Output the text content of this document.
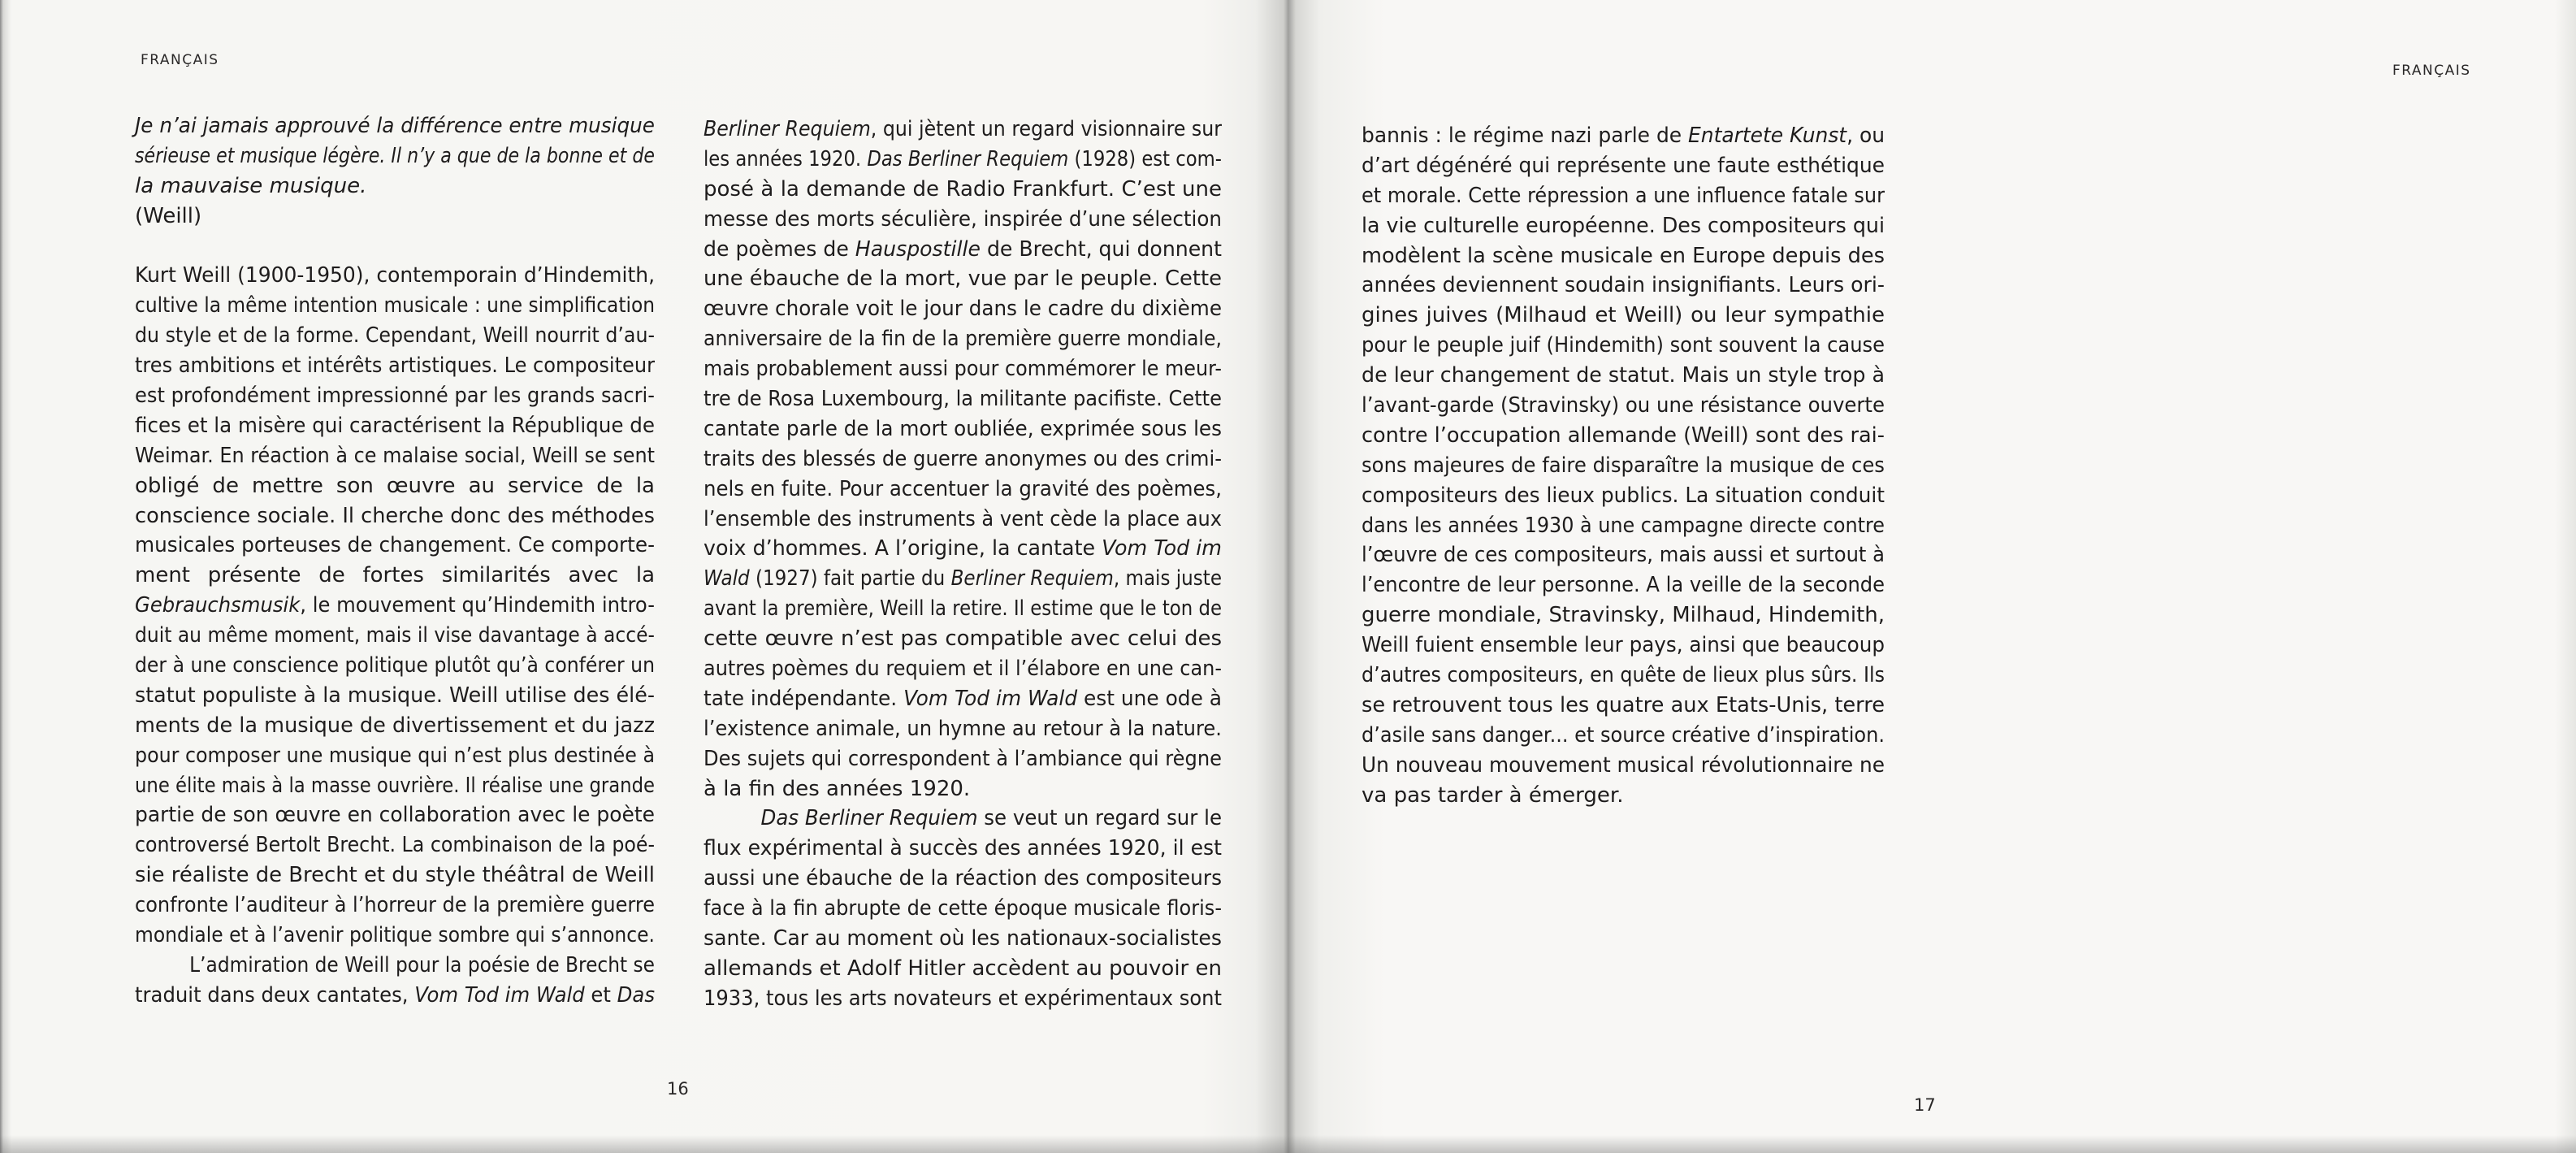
FRANÇAIS
Je n’ai jamais approuvé la différence entre musique
sérieuse et musique légère. Il n’y a que de la bonne et de
la mauvaise musique.
(Weill)
Kurt Weill (1900-1950), contemporain d’Hindemith,
cultive la même intention musicale : une simplification
du style et de la forme. Cependant, Weill nourrit d’au-
tres ambitions et intérêts artistiques. Le compositeur
est profondément impressionné par les grands sacri-
fices et la misère qui caractérisent la République de
Weimar. En réaction à ce malaise social, Weill se sent
obligé de mettre son œuvre au service de la
conscience sociale. Il cherche donc des méthodes
musicales porteuses de changement. Ce comporte-
ment présente de fortes similarités avec la
Gebrauchsmusik, le mouvement qu’Hindemith intro-
duit au même moment, mais il vise davantage à accé-
der à une conscience politique plutôt qu’à conférer un
statut populiste à la musique. Weill utilise des élé-
ments de la musique de divertissement et du jazz
pour composer une musique qui n’est plus destinée à
une élite mais à la masse ouvrière. Il réalise une grande
partie de son œuvre en collaboration avec le poète
controversé Bertolt Brecht. La combinaison de la poé-
sie réaliste de Brecht et du style théâtral de Weill
confronte l’auditeur à l’horreur de la première guerre
mondiale et à l’avenir politique sombre qui s’annonce.
L’admiration de Weill pour la poésie de Brecht se
traduit dans deux cantates, Vom Tod im Wald et Das
Berliner Requiem, qui jètent un regard visionnaire sur
les années 1920. Das Berliner Requiem (1928) est com-
posé à la demande de Radio Frankfurt. C’est une
messe des morts séculière, inspirée d’une sélection
de poèmes de Hauspostille de Brecht, qui donnent
une ébauche de la mort, vue par le peuple. Cette
œuvre chorale voit le jour dans le cadre du dixième
anniversaire de la fin de la première guerre mondiale,
mais probablement aussi pour commémorer le meur-
tre de Rosa Luxembourg, la militante pacifiste. Cette
cantate parle de la mort oubliée, exprimée sous les
traits des blessés de guerre anonymes ou des crimi-
nels en fuite. Pour accentuer la gravité des poèmes,
l’ensemble des instruments à vent cède la place aux
voix d’hommes. A l’origine, la cantate Vom Tod im
Wald (1927) fait partie du Berliner Requiem, mais juste
avant la première, Weill la retire. Il estime que le ton de
cette œuvre n’est pas compatible avec celui des
autres poèmes du requiem et il l’élabore en une can-
tate indépendante. Vom Tod im Wald est une ode à
l’existence animale, un hymne au retour à la nature.
Des sujets qui correspondent à l’ambiance qui règne
à la fin des années 1920.
Das Berliner Requiem se veut un regard sur le
flux expérimental à succès des années 1920, il est
aussi une ébauche de la réaction des compositeurs
face à la fin abrupte de cette époque musicale floris-
sante. Car au moment où les nationaux-socialistes
allemands et Adolf Hitler accèdent au pouvoir en
1933, tous les arts novateurs et expérimentaux sont
16
FRANÇAIS
bannis : le régime nazi parle de Entartete Kunst, ou
d’art dégénéré qui représente une faute esthétique
et morale. Cette répression a une influence fatale sur
la vie culturelle européenne. Des compositeurs qui
modèlent la scène musicale en Europe depuis des
années deviennent soudain insignifiants. Leurs ori-
gines juives (Milhaud et Weill) ou leur sympathie
pour le peuple juif (Hindemith) sont souvent la cause
de leur changement de statut. Mais un style trop à
l’avant-garde (Stravinsky) ou une résistance ouverte
contre l’occupation allemande (Weill) sont des rai-
sons majeures de faire disparaître la musique de ces
compositeurs des lieux publics. La situation conduit
dans les années 1930 à une campagne directe contre
l’œuvre de ces compositeurs, mais aussi et surtout à
l’encontre de leur personne. A la veille de la seconde
guerre mondiale, Stravinsky, Milhaud, Hindemith,
Weill fuient ensemble leur pays, ainsi que beaucoup
d’autres compositeurs, en quête de lieux plus sûrs. Ils
se retrouvent tous les quatre aux Etats-Unis, terre
d’asile sans danger... et source créative d’inspiration.
Un nouveau mouvement musical révolutionnaire ne
va pas tarder à émerger.
17
